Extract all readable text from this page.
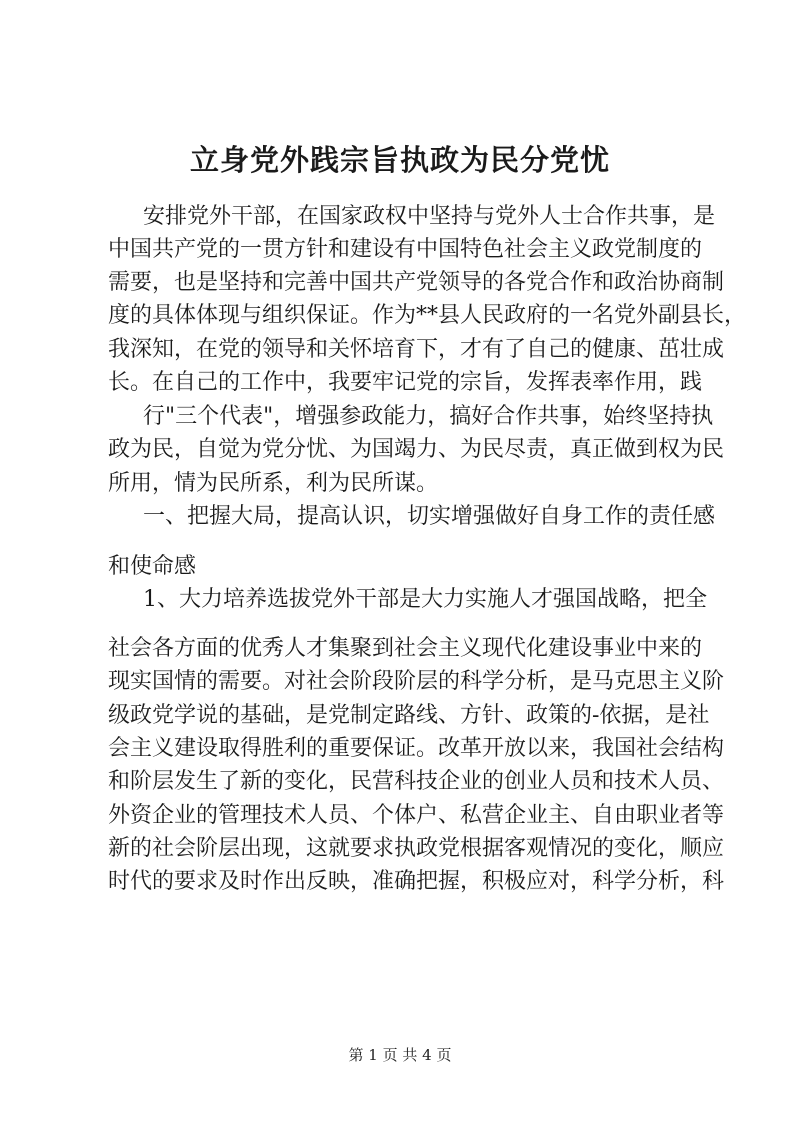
立身党外践宗旨执政为民分党忧
安排党外干部，在国家政权中坚持与党外人士合作共事，是
中国共产党的一贯方针和建设有中国特色社会主义政党制度的
需要，也是坚持和完善中国共产党领导的各党合作和政治协商制
度的具体体现与组织保证。作为**县人民政府的一名党外副县长，
我深知，在党的领导和关怀培育下，才有了自己的健康、茁壮成
长。在自己的工作中，我要牢记党的宗旨，发挥表率作用，践
行"三个代表"，增强参政能力，搞好合作共事，始终坚持执
政为民，自觉为党分忧、为国竭力、为民尽责，真正做到权为民
所用，情为民所系，利为民所谋。
一、把握大局，提高认识，切实增强做好自身工作的责任感
和使命感
1、大力培养选拔党外干部是大力实施人才强国战略，把全
社会各方面的优秀人才集聚到社会主义现代化建设事业中来的
现实国情的需要。对社会阶段阶层的科学分析，是马克思主义阶
级政党学说的基础，是党制定路线、方针、政策的-依据，是社
会主义建设取得胜利的重要保证。改革开放以来，我国社会结构
和阶层发生了新的变化，民营科技企业的创业人员和技术人员、
外资企业的管理技术人员、个体户、私营企业主、自由职业者等
新的社会阶层出现，这就要求执政党根据客观情况的变化，顺应
时代的要求及时作出反映，准确把握，积极应对，科学分析，科
第 1 页 共 4 页
